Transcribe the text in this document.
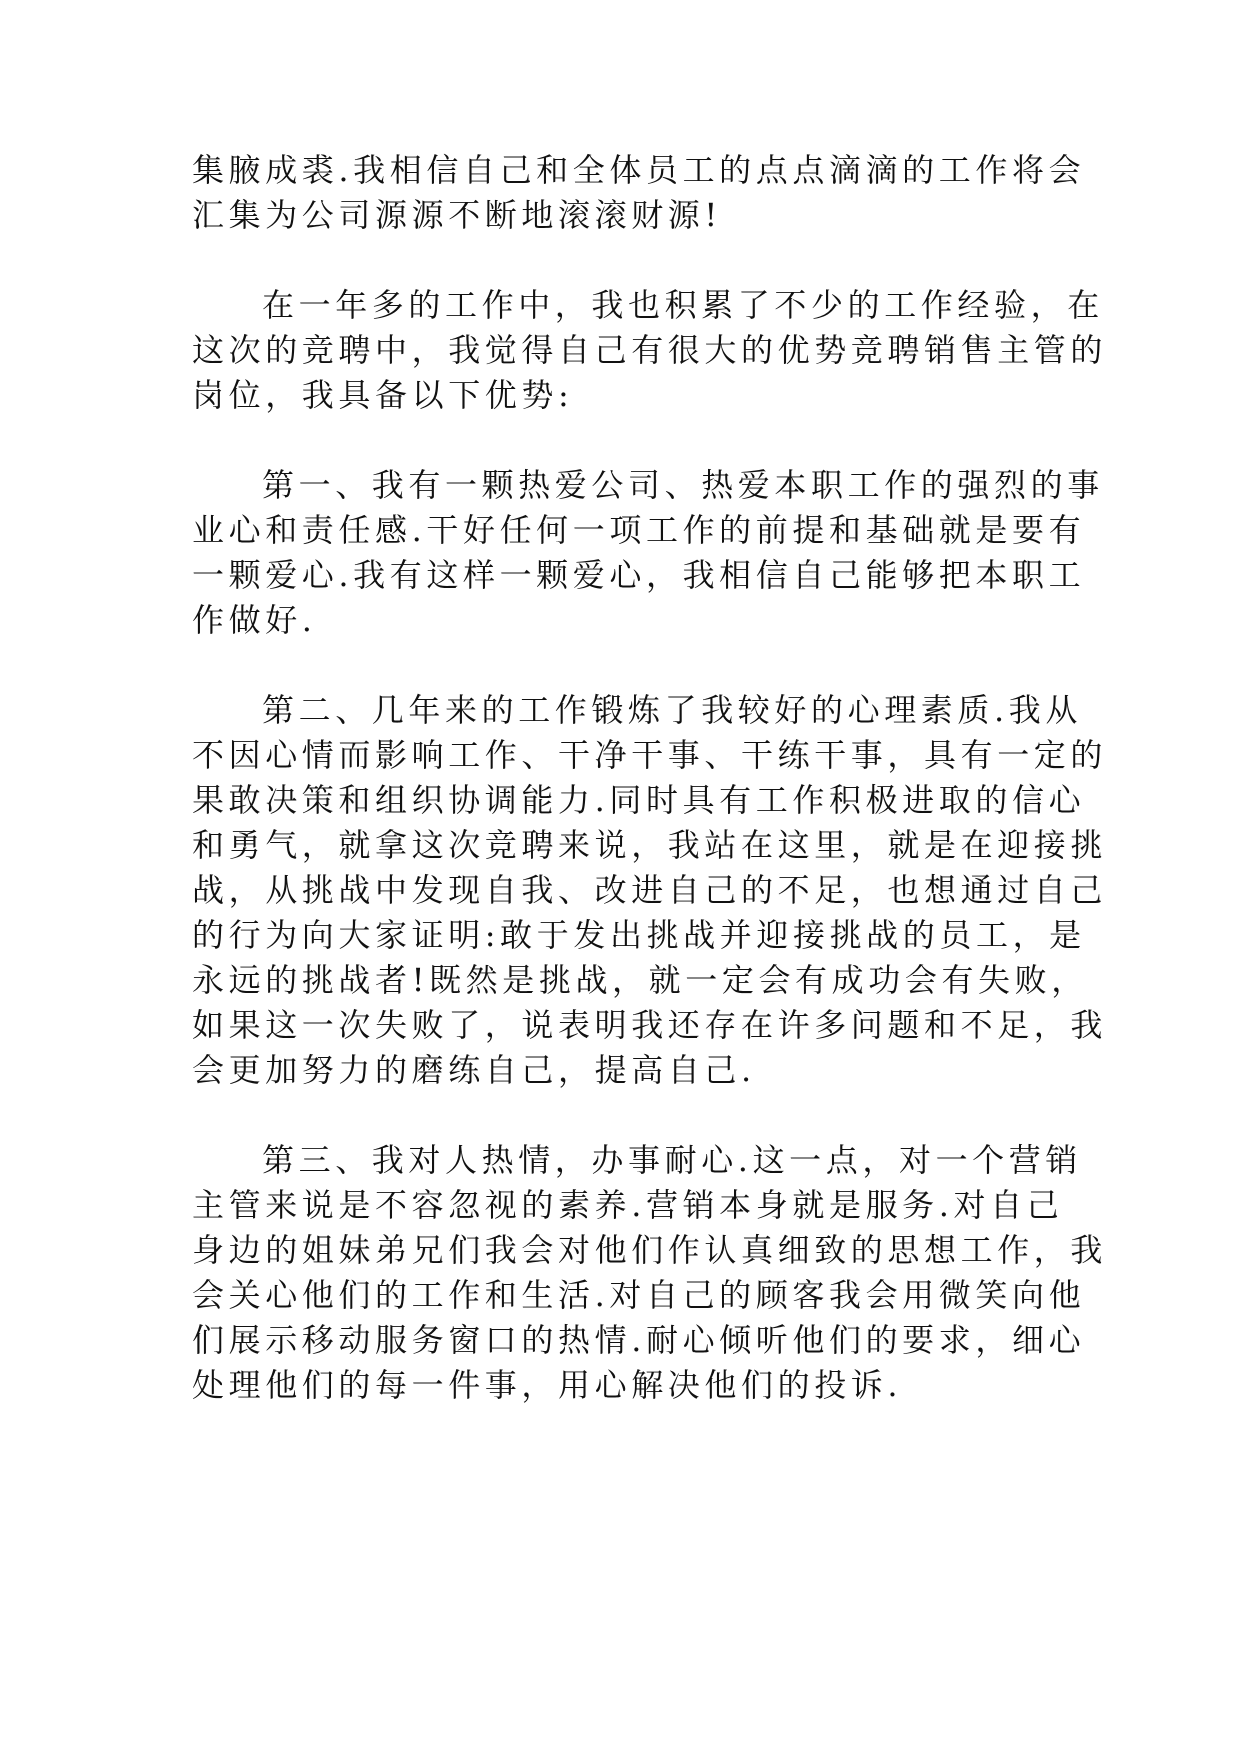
集腋成裘.我相信自己和全体员工的点点滴滴的工作将会
汇集为公司源源不断地滚滚财源!
在一年多的工作中，我也积累了不少的工作经验，在
这次的竞聘中，我觉得自己有很大的优势竞聘销售主管的
岗位，我具备以下优势:
第一、我有一颗热爱公司、热爱本职工作的强烈的事
业心和责任感.干好任何一项工作的前提和基础就是要有
一颗爱心.我有这样一颗爱心，我相信自己能够把本职工
作做好.
第二、几年来的工作锻炼了我较好的心理素质.我从
不因心情而影响工作、干净干事、干练干事，具有一定的
果敢决策和组织协调能力.同时具有工作积极进取的信心
和勇气，就拿这次竞聘来说，我站在这里，就是在迎接挑
战，从挑战中发现自我、改进自己的不足，也想通过自己
的行为向大家证明:敢于发出挑战并迎接挑战的员工，是
永远的挑战者!既然是挑战，就一定会有成功会有失败，
如果这一次失败了，说表明我还存在许多问题和不足，我
会更加努力的磨练自己，提高自己.
第三、我对人热情，办事耐心.这一点，对一个营销
主管来说是不容忽视的素养.营销本身就是服务.对自己
身边的姐妹弟兄们我会对他们作认真细致的思想工作，我
会关心他们的工作和生活.对自己的顾客我会用微笑向他
们展示移动服务窗口的热情.耐心倾听他们的要求，细心
处理他们的每一件事，用心解决他们的投诉.
